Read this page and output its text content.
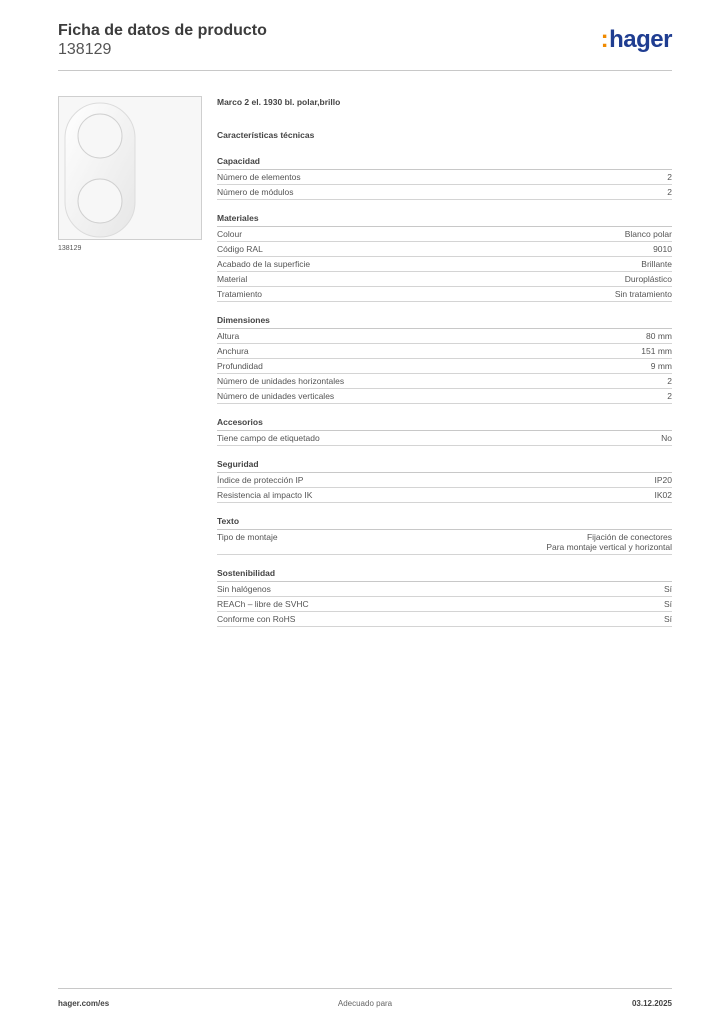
Ficha de datos de producto
138129	:hager
138129
Marco 2 el. 1930 bl. polar,brillo
Características técnicas
Capacidad
Número de elementos	2
Número de módulos	2
Materiales
Colour	Blanco polar
Código RAL	9010
Acabado de la superficie	Brillante
Material	Duroplástico
Tratamiento	Sin tratamiento
Dimensiones
Altura	80 mm
Anchura	151 mm
Profundidad	9 mm
Número de unidades horizontales	2
Número de unidades verticales	2
Accesorios
Tiene campo de etiquetado	No
Seguridad
Índice de protección IP	IP20
Resistencia al impacto IK	IK02
Texto
Tipo de montaje	Fijación de conectores
Para montaje vertical y horizontal
Sostenibilidad
Sin halógenos	Sí
REACh – libre de SVHC	Sí
Conforme con RoHS	Sí
hager.com/es	Adecuado para	03.12.2025
